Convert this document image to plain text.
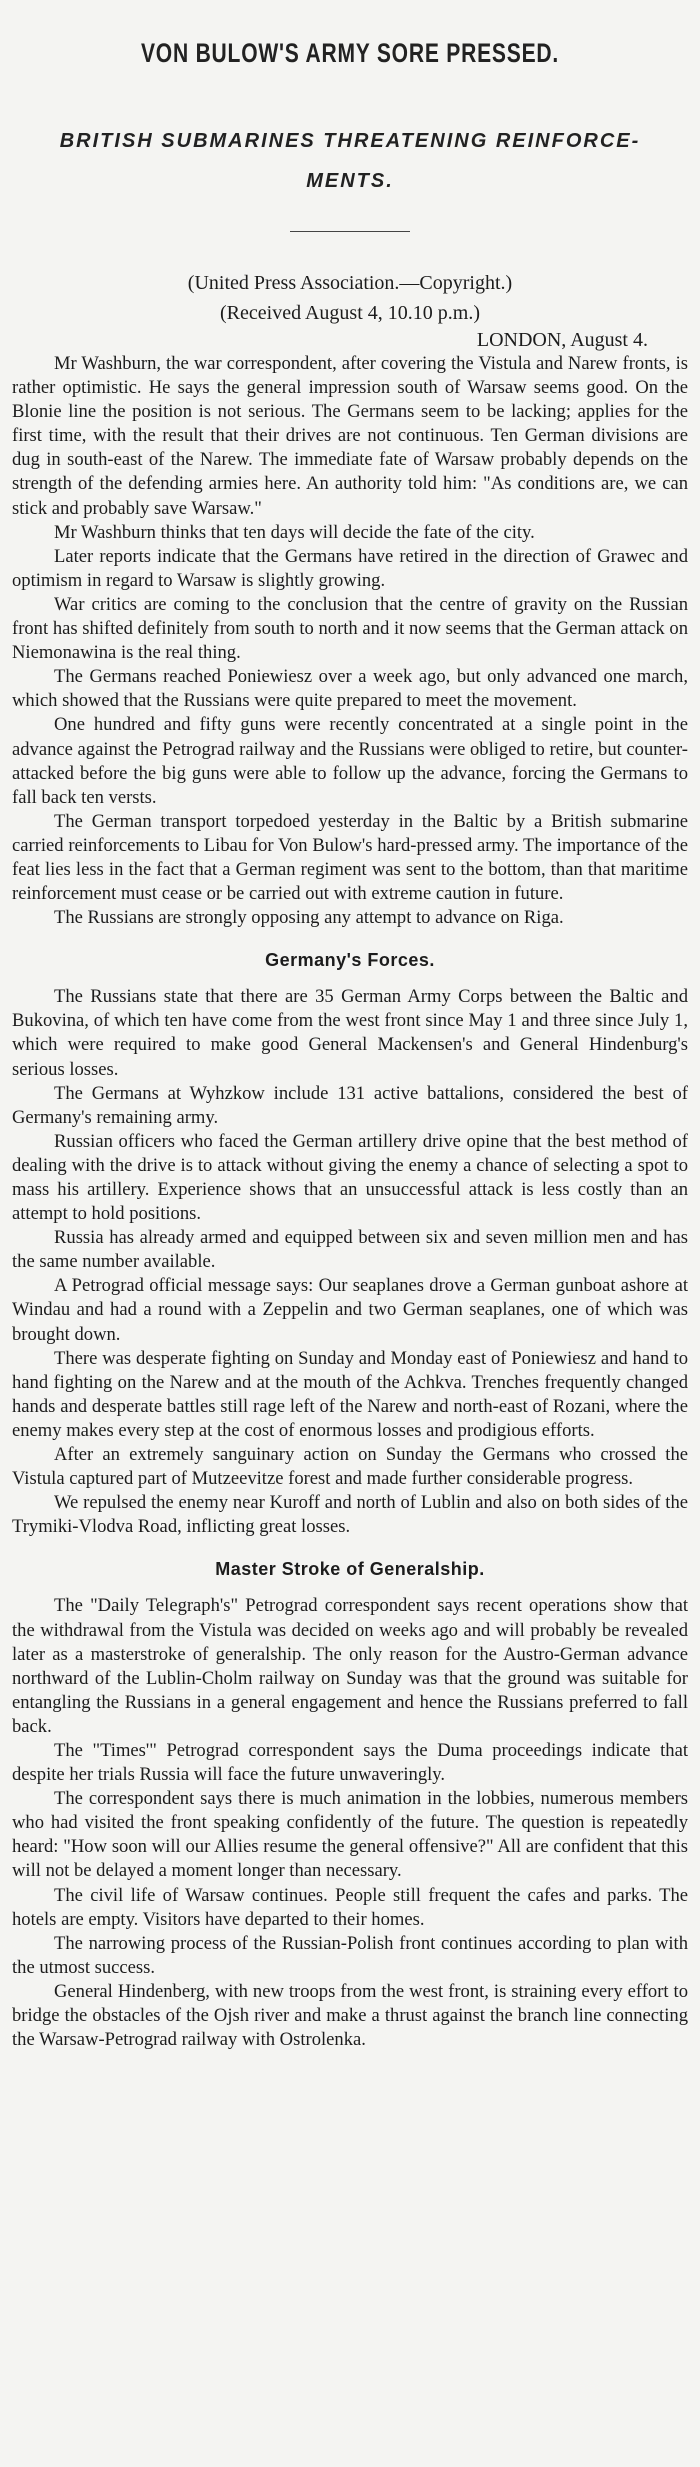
VON BULOW'S ARMY SORE PRESSED.
BRITISH SUBMARINES THREATENING REINFORCE-MENTS.

(United Press Association.—Copyright.)

(Received August 4, 10.10 p.m.)

LONDON, August 4.

Mr Washburn, the war correspondent, after covering the Vistula and Narew fronts, is rather optimistic. He says the general impression south of Warsaw seems good. On the Blonie line the position is not serious. The Germans seem to be lacking; applies for the first time, with the result that their drives are not continuous. Ten German divisions are dug in south-east of the Narew. The immediate fate of Warsaw probably depends on the strength of the defending armies here. An authority told him: "As conditions are, we can stick and probably save Warsaw."

Mr Washburn thinks that ten days will decide the fate of the city.

Later reports indicate that the Germans have retired in the direction of Grawec and optimism in regard to Warsaw is slightly growing.

War critics are coming to the conclusion that the centre of gravity on the Russian front has shifted definitely from south to north and it now seems that the German attack on Niemonawina is the real thing.

The Germans reached Poniewiesz over a week ago, but only advanced one march, which showed that the Russians were quite prepared to meet the movement.

One hundred and fifty guns were recently concentrated at a single point in the advance against the Petrograd railway and the Russians were obliged to retire, but counter-attacked before the big guns were able to follow up the advance, forcing the Germans to fall back ten versts.

The German transport torpedoed yesterday in the Baltic by a British submarine carried reinforcements to Libau for Von Bulow's hard-pressed army. The importance of the feat lies less in the fact that a German regiment was sent to the bottom, than that maritime reinforcement must cease or be carried out with extreme caution in future.

The Russians are strongly opposing any attempt to advance on Riga.

Germany's Forces.

The Russians state that there are 35 German Army Corps between the Baltic and Bukovina, of which ten have come from the west front since May 1 and three since July 1, which were required to make good General Mackensen's and General Hindenburg's serious losses.

The Germans at Wyhzkow include 131 active battalions, considered the best of Germany's remaining army.

Russian officers who faced the German artillery drive opine that the best method of dealing with the drive is to attack without giving the enemy a chance of selecting a spot to mass his artillery. Experience shows that an unsuccessful attack is less costly than an attempt to hold positions.

Russia has already armed and equipped between six and seven million men and has the same number available.

A Petrograd official message says: Our seaplanes drove a German gunboat ashore at Windau and had a round with a Zeppelin and two German seaplanes, one of which was brought down.

There was desperate fighting on Sunday and Monday east of Poniewiesz and hand to hand fighting on the Narew and at the mouth of the Achkva. Trenches frequently changed hands and desperate battles still rage left of the Narew and north-east of Rozani, where the enemy makes every step at the cost of enormous losses and prodigious efforts.

After an extremely sanguinary action on Sunday the Germans who crossed the Vistula captured part of Mutzeevitze forest and made further considerable progress.

We repulsed the enemy near Kuroff and north of Lublin and also on both sides of the Trymiki-Vlodva Road, inflicting great losses.

Master Stroke of Generalship.

The "Daily Telegraph's" Petrograd correspondent says recent operations show that the withdrawal from the Vistula was decided on weeks ago and will probably be revealed later as a masterstroke of generalship. The only reason for the Austro-German advance northward of the Lublin-Cholm railway on Sunday was that the ground was suitable for entangling the Russians in a general engagement and hence the Russians preferred to fall back.

The "Times'" Petrograd correspondent says the Duma proceedings indicate that despite her trials Russia will face the future unwaveringly.

The correspondent says there is much animation in the lobbies, numerous members who had visited the front speaking confidently of the future. The question is repeatedly heard: "How soon will our Allies resume the general offensive?" All are confident that this will not be delayed a moment longer than necessary.

The civil life of Warsaw continues. People still frequent the cafes and parks. The hotels are empty. Visitors have departed to their homes.

The narrowing process of the Russian-Polish front continues according to plan with the utmost success.

General Hindenberg, with new troops from the west front, is straining every effort to bridge the obstacles of the Ojsh river and make a thrust against the branch line connecting the Warsaw-Petrograd railway with Ostrolenka.
